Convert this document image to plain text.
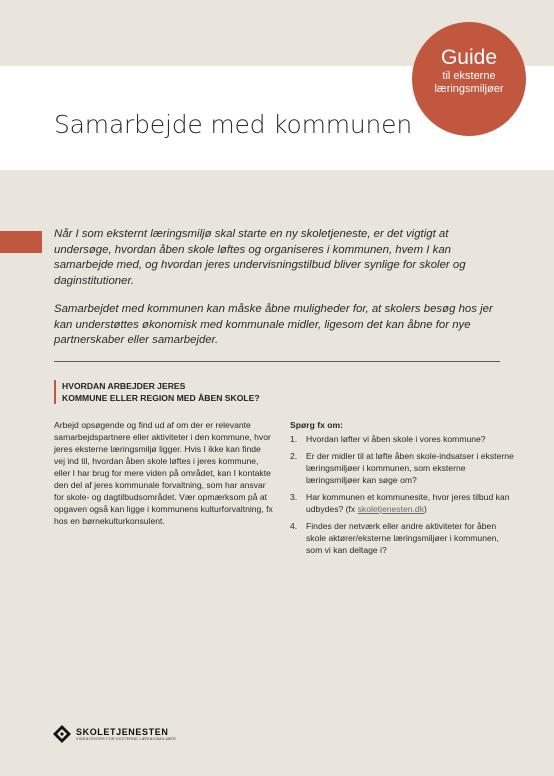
Samarbejde med kommunen
Guide
til eksterne
læringsmiljøer

Når I som eksternt læringsmiljø skal starte en ny skoletjeneste, er det vigtigt at undersøge, hvordan åben skole løftes og organiseres i kommunen, hvem I kan samarbejde med, og hvordan jeres undervisningstilbud bliver synlige for skoler og daginstitutioner.

Samarbejdet med kommunen kan måske åbne muligheder for, at skolers besøg hos jer kan understøttes økonomisk med kommunale midler, ligesom det kan åbne for nye partnerskaber eller samarbejder.

HVORDAN ARBEJDER JERES
KOMMUNE ELLER REGION MED ÅBEN SKOLE?

Arbejd opsøgende og find ud af om der er relevante samarbejdspartnere eller aktiviteter i den kommune, hvor jeres eksterne læringsmiljø ligger. Hvis I ikke kan finde vej ind til, hvordan åben skole løftes i jeres kommune, eller I har brug for mere viden på området, kan I kontakte den del af jeres kommunale forvaltning, som har ansvar for skole- og dagtilbudsområdet. Vær opmærksom på at opgaven også kan ligge i kommunens kulturforvaltning, fx hos en børnekulturkonsulent.

Spørg fx om:
1. Hvordan løfter vi åben skole i vores kommune?
2. Er der midler til at løfte åben skole-indsatser i eksterne læringsmiljøer i kommunen, som eksterne læringsmiljøer kan søge om?
3. Har kommunen et kommunesite, hvor jeres tilbud kan udbydes? (fx skoletjenesten.dk)
4. Findes der netværk eller andre aktiviteter for åben skole aktører/eksterne læringsmiljøer i kommunen, som vi kan deltage i?
SKOLETJENESTEN
VIDENCENTER FOR EKSTERNE LÆRINGSMILJØER
